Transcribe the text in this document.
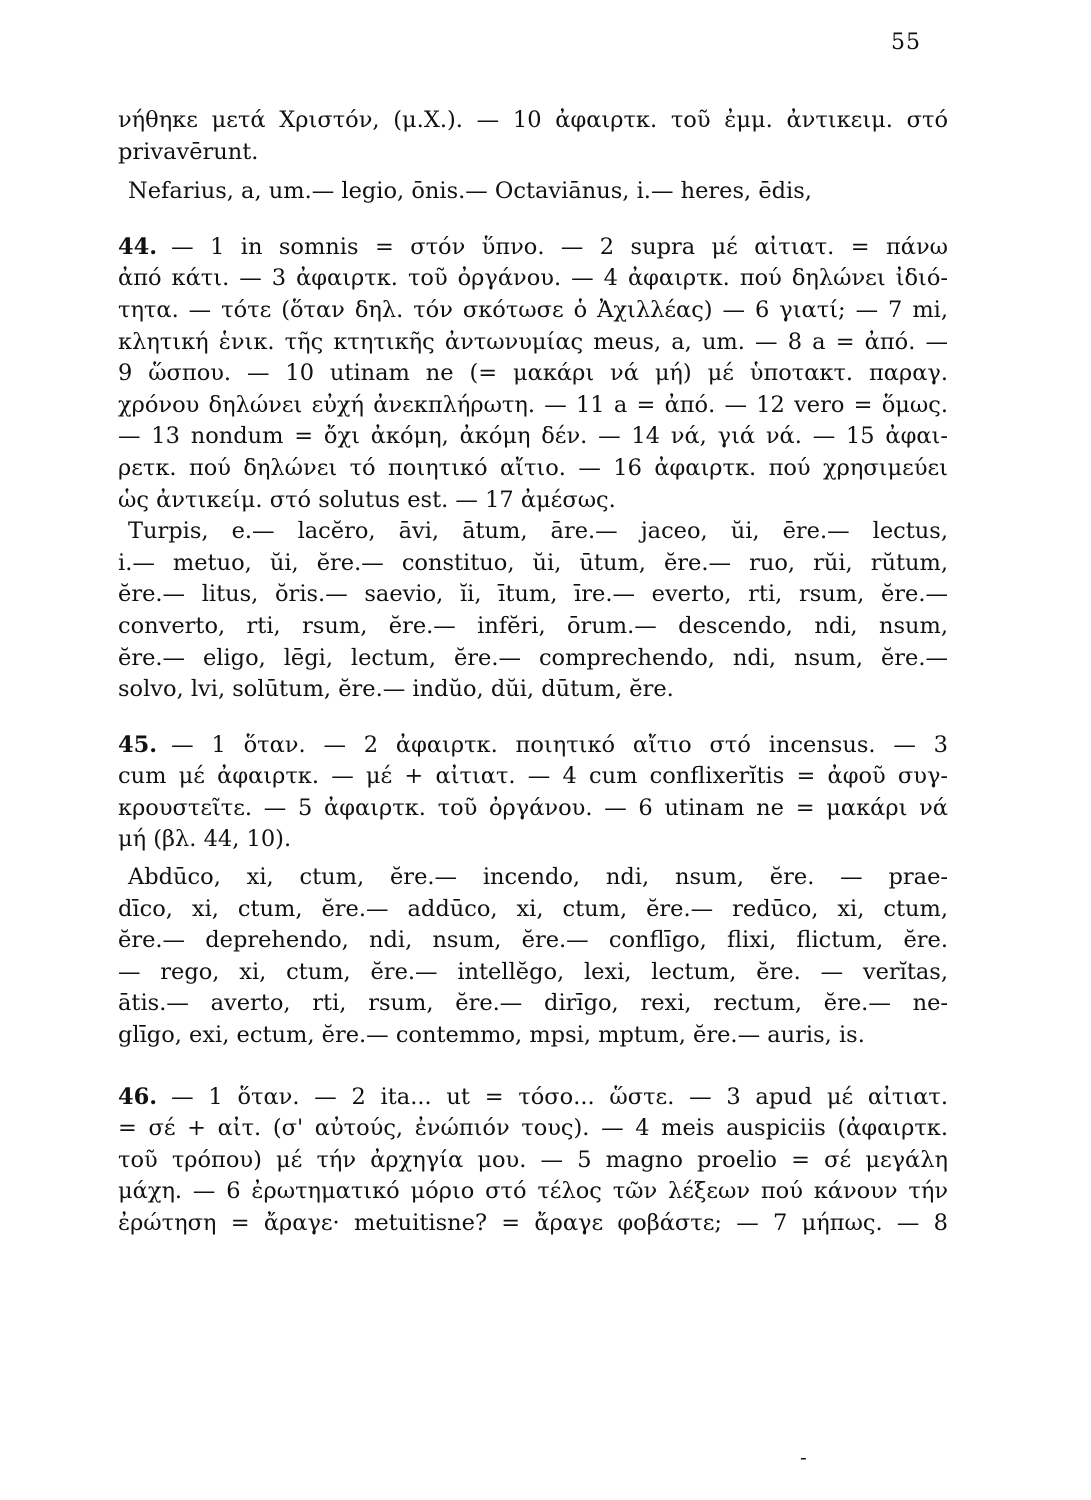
55
νήθηκε μετά Χριστόν, (μ.Χ.). — 10 ἀφαιρτκ. τοῦ ἐμμ. ἀντικειμ. στό
privavērunt.
Nefarius, a, um.— legio, ōnis.— Octaviānus, i.— heres, ēdis,
44. — 1 in somnis = στόν ὕπνο. — 2 supra μέ αἰτιατ. = πάνω
ἀπό κάτι. — 3 ἀφαιρτκ. τοῦ ὀργάνου. — 4 ἀφαιρτκ. πού δηλώνει ἰδιό-
τητα. — τότε (ὅταν δηλ. τόν σκότωσε ὁ Ἀχιλλέας) — 6 γιατί; — 7 mi,
κλητική ἑνικ. τῆς κτητικῆς ἀντωνυμίας meus, a, um. — 8 a = ἀπό. —
9 ὥσπου. — 10 utinam ne (= μακάρι νά μή) μέ ὑποτακτ. παραγ.
χρόνου δηλώνει εὐχή ἀνεκπλήρωτη. — 11 a = ἀπό. — 12 vero = ὅμως.
— 13 nondum = ὄχι ἀκόμη, ἀκόμη δέν. — 14 νά, γιά νά. — 15 ἀφαι-
ρετκ. πού δηλώνει τό ποιητικό αἴτιο. — 16 ἀφαιρτκ. πού χρησιμεύει
ὡς ἀντικείμ. στό solutus est. — 17 ἀμέσως.
Turpis, e.— lacĕro, āvi, ātum, āre.— jaceo, ŭi, ēre.— lectus,
i.— metuo, ŭi, ĕre.— constituo, ŭi, ūtum, ĕre.— ruo, rŭi, rŭtum,
ĕre.— litus, ŏris.— saevio, ĭi, ītum, īre.— everto, rti, rsum, ĕre.—
converto, rti, rsum, ĕre.— infĕri, ōrum.— descendo, ndi, nsum,
ĕre.— eligo, lēgi, lectum, ĕre.— comprechendo, ndi, nsum, ĕre.—
solvo, lvi, solūtum, ĕre.— indŭo, dŭi, dūtum, ĕre.
45. — 1 ὅταν. — 2 ἀφαιρτκ. ποιητικό αἴτιο στό incensus. — 3
cum μέ ἀφαιρτκ. — μέ + αἰτιατ. — 4 cum conflixerĭtis = ἀφοῦ συγ-
κρουστεῖτε. — 5 ἀφαιρτκ. τοῦ ὀργάνου. — 6 utinam ne = μακάρι νά
μή (βλ. 44, 10).
Abdūco, xi, ctum, ĕre.— incendo, ndi, nsum, ĕre. — prae-
dīco, xi, ctum, ĕre.— addūco, xi, ctum, ĕre.— redūco, xi, ctum,
ĕre.— deprehendo, ndi, nsum, ĕre.— conflīgo, flixi, flictum, ĕre.
— rego, xi, ctum, ĕre.— intellĕgo, lexi, lectum, ĕre. — verĭtas,
ātis.— averto, rti, rsum, ĕre.— dirīgo, rexi, rectum, ĕre.— ne-
glīgo, exi, ectum, ĕre.— contemmo, mpsi, mptum, ĕre.— auris, is.
46. — 1 ὅταν. — 2 ita... ut = τόσο... ὥστε. — 3 apud μέ αἰτιατ.
= σέ + αἰτ. (σ' αὐτούς, ἐνώπιόν τους). — 4 meis auspiciis (ἀφαιρτκ.
τοῦ τρόπου) μέ τήν ἀρχηγία μου. — 5 magno proelio = σέ μεγάλη
μάχη. — 6 ἐρωτηματικό μόριο στό τέλος τῶν λέξεων πού κάνουν τήν
ἐρώτηση = ἄραγε· metuitisne? = ἄραγε φοβάστε; — 7 μήπως. — 8
-
